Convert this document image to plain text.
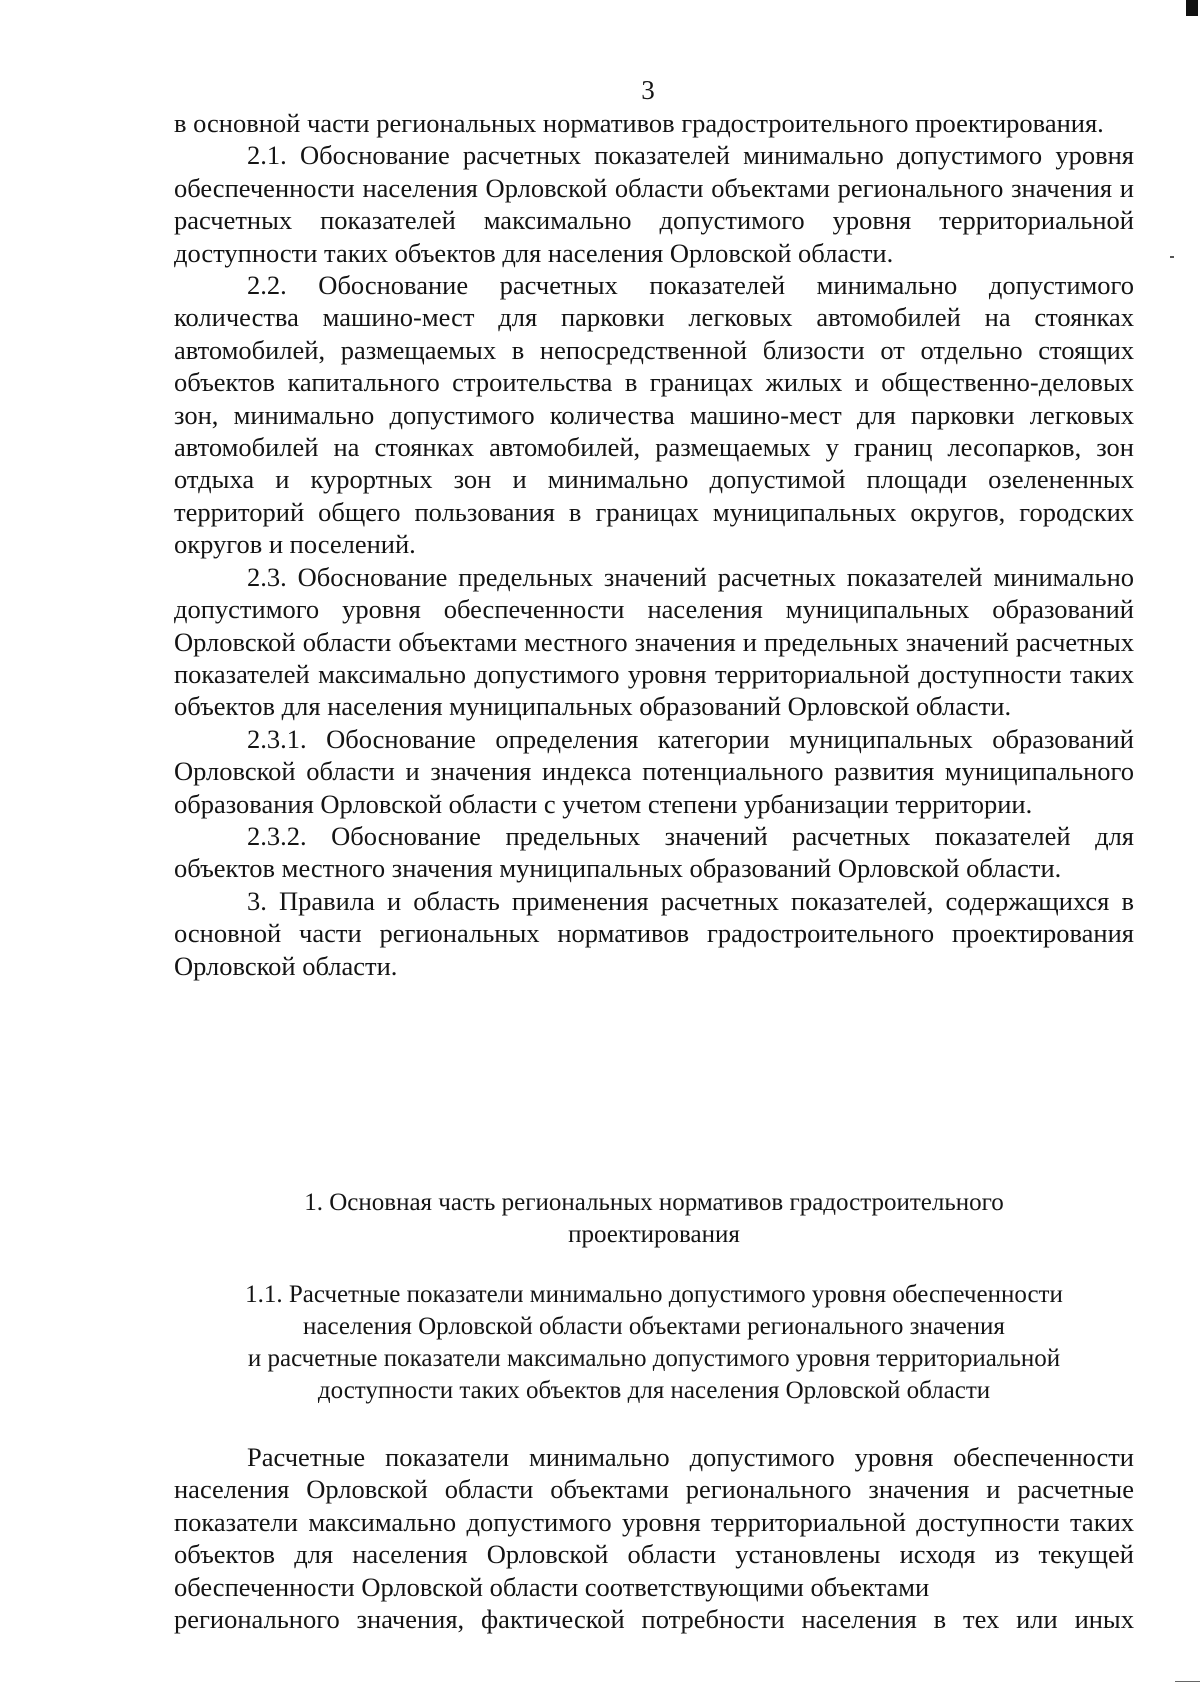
3

в основной части региональных нормативов градостроительного проектирования.

2.1. Обоснование расчетных показателей минимально допустимого уровня обеспеченности населения Орловской области объектами регионального значения и расчетных показателей максимально допустимого уровня территориальной доступности таких объектов для населения Орловской области.

2.2. Обоснование расчетных показателей минимально допустимого количества машино-мест для парковки легковых автомобилей на стоянках автомобилей, размещаемых в непосредственной близости от отдельно стоящих объектов капитального строительства в границах жилых и общественно-деловых зон, минимально допустимого количества машино-мест для парковки легковых автомобилей на стоянках автомобилей, размещаемых у границ лесопарков, зон отдыха и курортных зон и минимально допустимой площади озелененных территорий общего пользования в границах муниципальных округов, городских округов и поселений.

2.3. Обоснование предельных значений расчетных показателей минимально допустимого уровня обеспеченности населения муниципальных образований Орловской области объектами местного значения и предельных значений расчетных показателей максимально допустимого уровня территориальной доступности таких объектов для населения муниципальных образований Орловской области.

2.3.1. Обоснование определения категории муниципальных образований Орловской области и значения индекса потенциального развития муниципального образования Орловской области с учетом степени урбанизации территории.

2.3.2. Обоснование предельных значений расчетных показателей для объектов местного значения муниципальных образований Орловской области.

3. Правила и область применения расчетных показателей, содержащихся в основной части региональных нормативов градостроительного проектирования Орловской области.

1. Основная часть региональных нормативов градостроительного
проектирования
1.1. Расчетные показатели минимально допустимого уровня обеспеченности
населения Орловской области объектами регионального значения
и расчетные показатели максимально допустимого уровня территориальной
доступности таких объектов для населения Орловской области

Расчетные показатели минимально допустимого уровня обеспеченности населения Орловской области объектами регионального значения и расчетные показатели максимально допустимого уровня территориальной доступности таких объектов для населения Орловской области установлены исходя из текущей обеспеченности Орловской области соответствующими объектами

регионального значения, фактической потребности населения в тех или иных
